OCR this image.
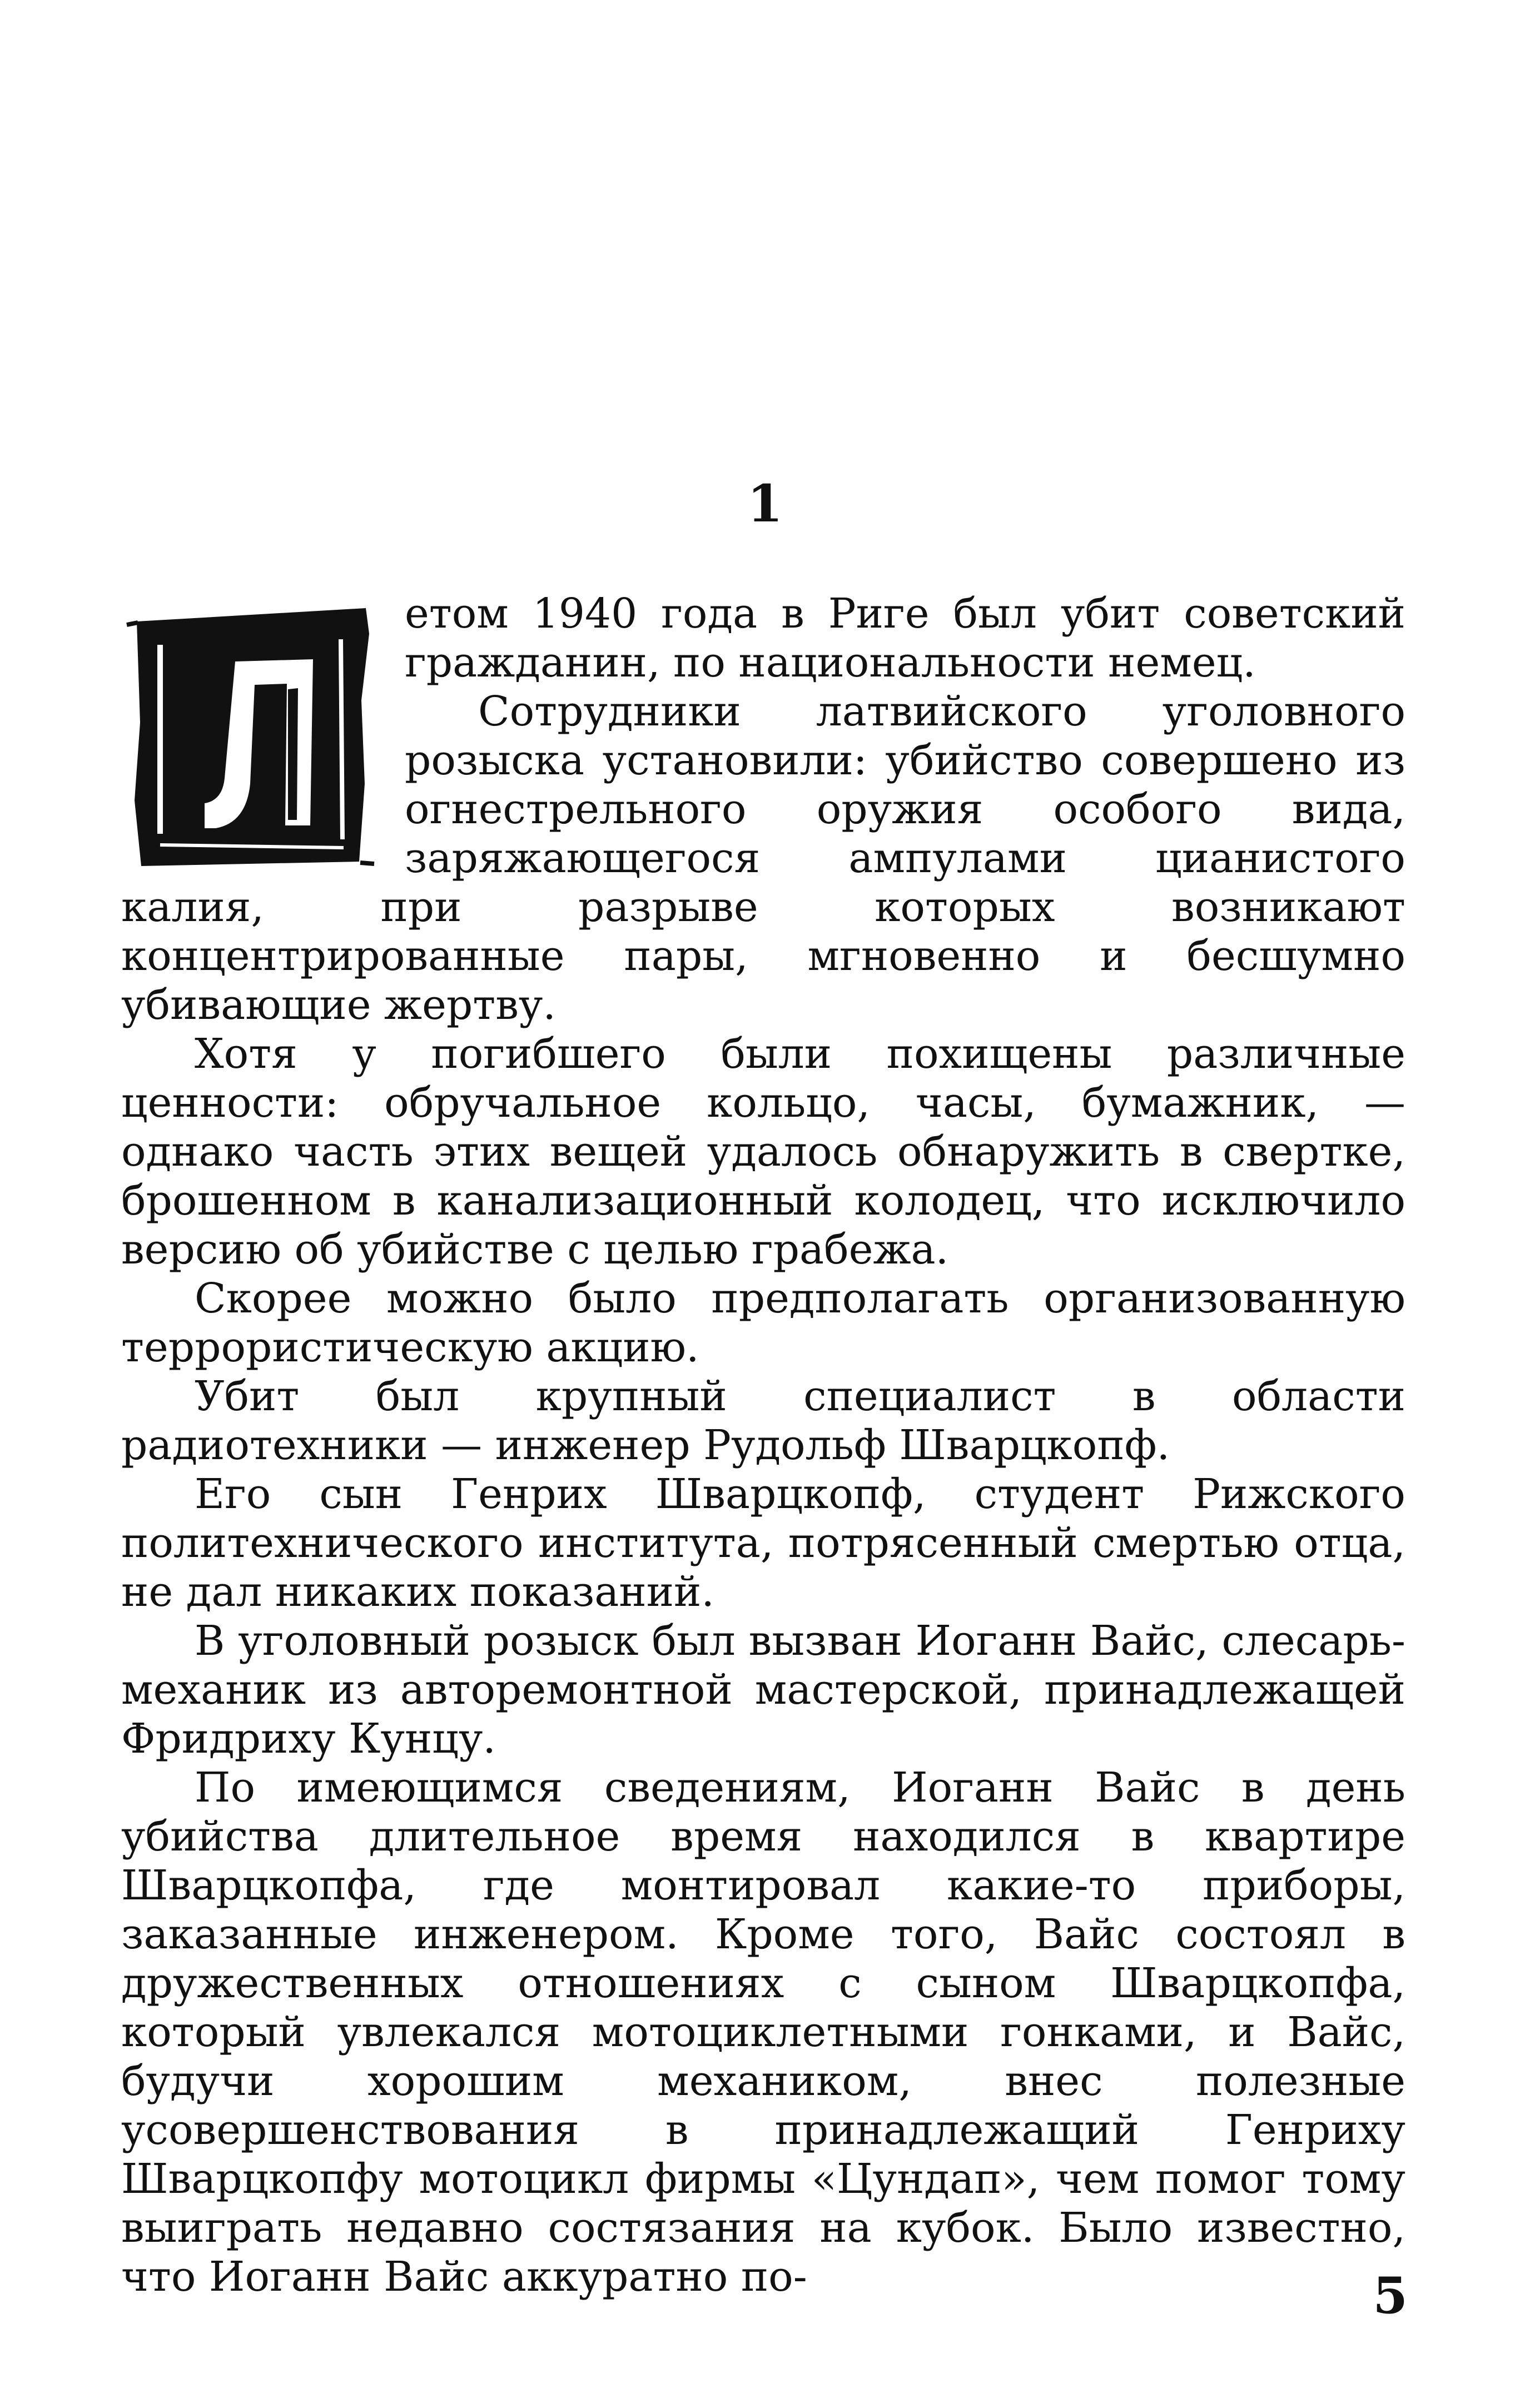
1

етом 1940 года в Риге был убит советский гражданин, по национальности немец.

Сотрудники латвийского уголовного розыска установили: убийство совершено из огнестрельного оружия особого вида, заряжающегося ампулами цианистого калия, при разрыве которых возникают концентрированные пары, мгновенно и бесшумно убивающие жертву.

Хотя у погибшего были похищены различные ценности: обручальное кольцо, часы, бумажник, — однако часть этих вещей удалось обнаружить в свертке, брошенном в канализационный колодец, что исключило версию об убийстве с целью грабежа.

Скорее можно было предполагать организованную террористическую акцию.

Убит был крупный специалист в области радиотехники — инженер Рудольф Шварцкопф.

Его сын Генрих Шварцкопф, студент Рижского политехнического института, потрясенный смертью отца, не дал никаких показаний.

В уголовный розыск был вызван Иоганн Вайс, слесарь-механик из авторемонтной мастерской, принадлежащей Фридриху Кунцу.

По имеющимся сведениям, Иоганн Вайс в день убийства длительное время находился в квартире Шварцкопфа, где монтировал какие-то приборы, заказанные инженером. Кроме того, Вайс состоял в дружественных отношениях с сыном Шварцкопфа, который увлекался мотоциклетными гонками, и Вайс, будучи хорошим механиком, внес полезные усовершенствования в принадлежащий Генриху Шварцкопфу мотоцикл фирмы «Цундап», чем помог тому выиграть недавно состязания на кубок. Было известно, что Иоганн Вайс аккуратно по-	5
